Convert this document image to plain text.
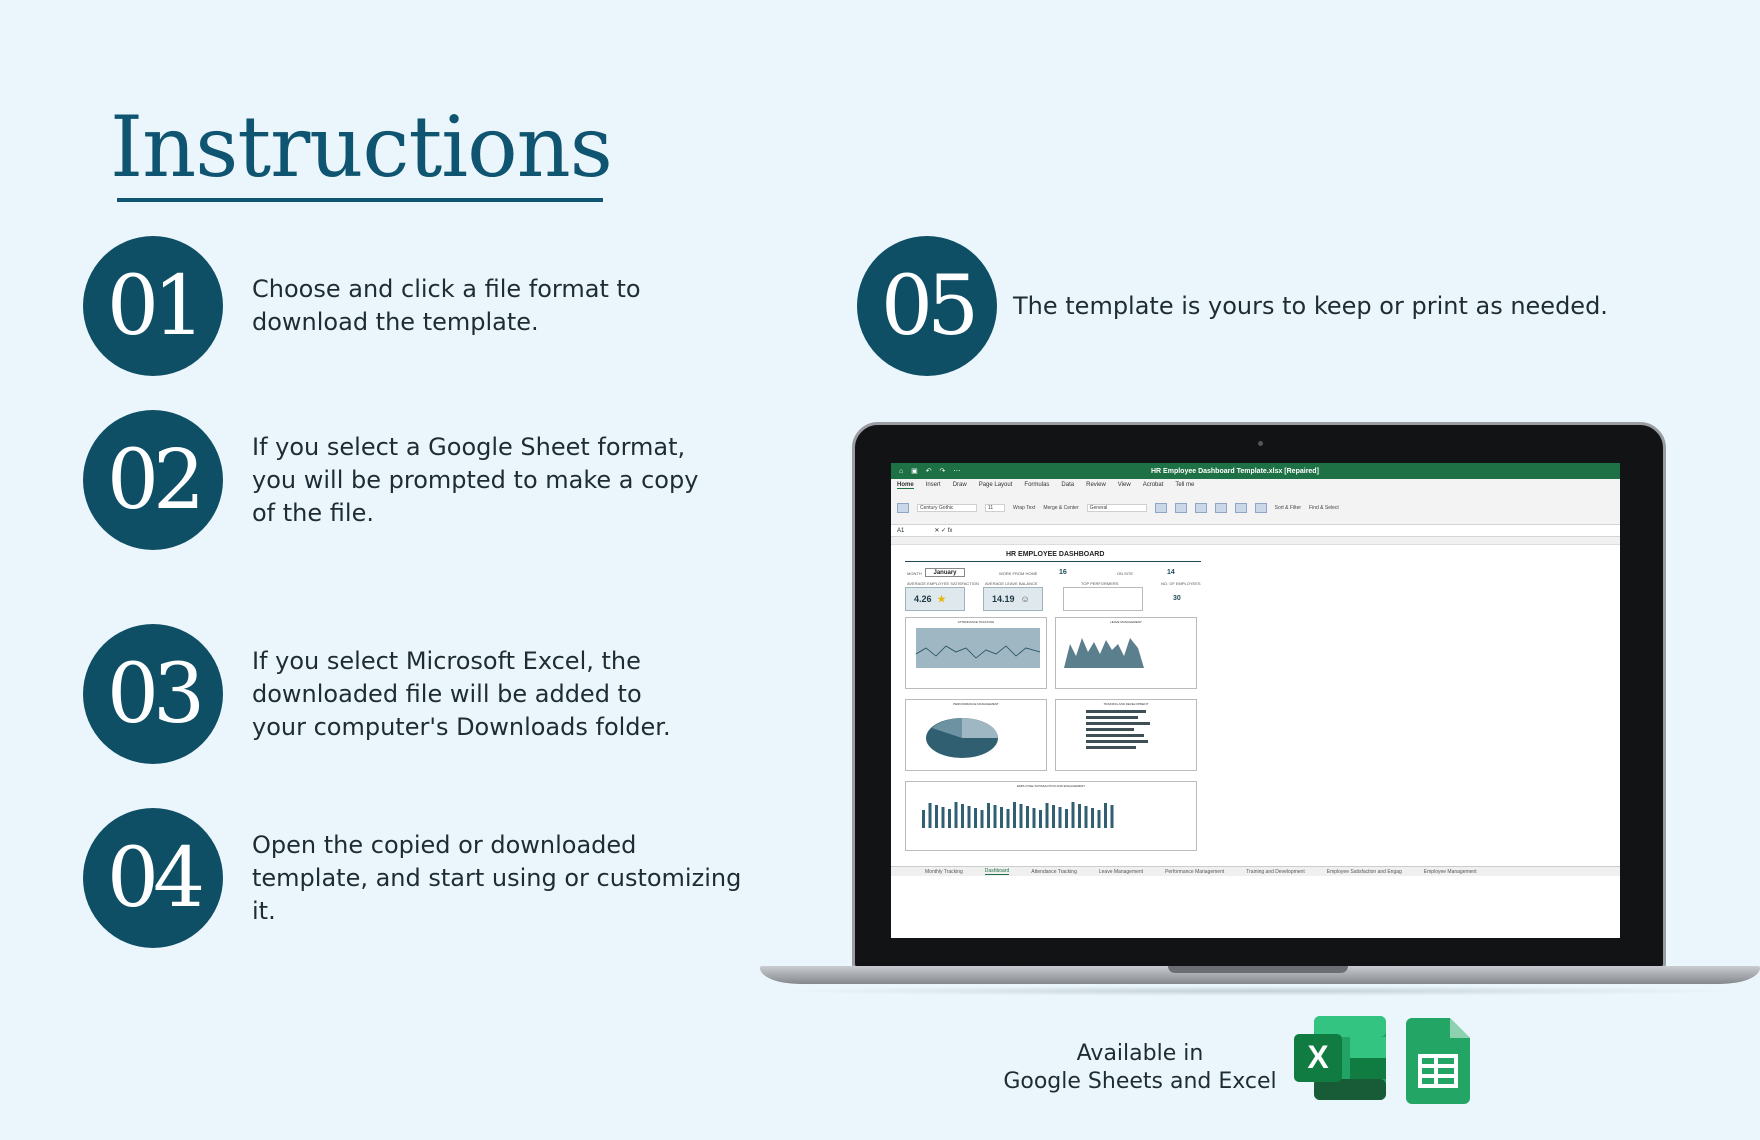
Instructions
01	Choose and click a file format to download the template.
02	If you select a Google Sheet format, you will be prompted to make a copy of the file.
03	If you select Microsoft Excel, the downloaded file will be added to your computer's Downloads folder.
04	Open the copied or downloaded template, and start using or customizing it.
05	The template is yours to keep or print as needed.
⌂ ▣ ↶ ↷ ⋯	HR Employee Dashboard Template.xlsx [Repaired]
Home Insert Draw Page Layout Formulas Data Review View Acrobat Tell me
Century Gothic	11	Wrap Text Merge & Center	General	Sort & Filter Find & Select
A1	✕ ✓ fx
HR EMPLOYEE DASHBOARD
MONTH	January	WORK FROM HOME	16	ON SITE	14
4.26 ★
AVERAGE EMPLOYEE SATISFACTION
14.19 ☺
AVERAGE LEAVE BALANCE	TOP PERFORMERS	NO. OF EMPLOYEES
30
ATTENDANCE TRACKING	LEAVE MANAGEMENT
PERFORMANCE MANAGEMENT	TRAINING AND DEVELOPMENT
EMPLOYEE SATISFACTION AND ENGAGEMENT
Monthly Tracking	Dashboard	Attendance Tracking	Leave Management	Performance Management	Training and Development	Employee Satisfaction and Engag	Employee Management
Available in
Google Sheets and Excel
X
